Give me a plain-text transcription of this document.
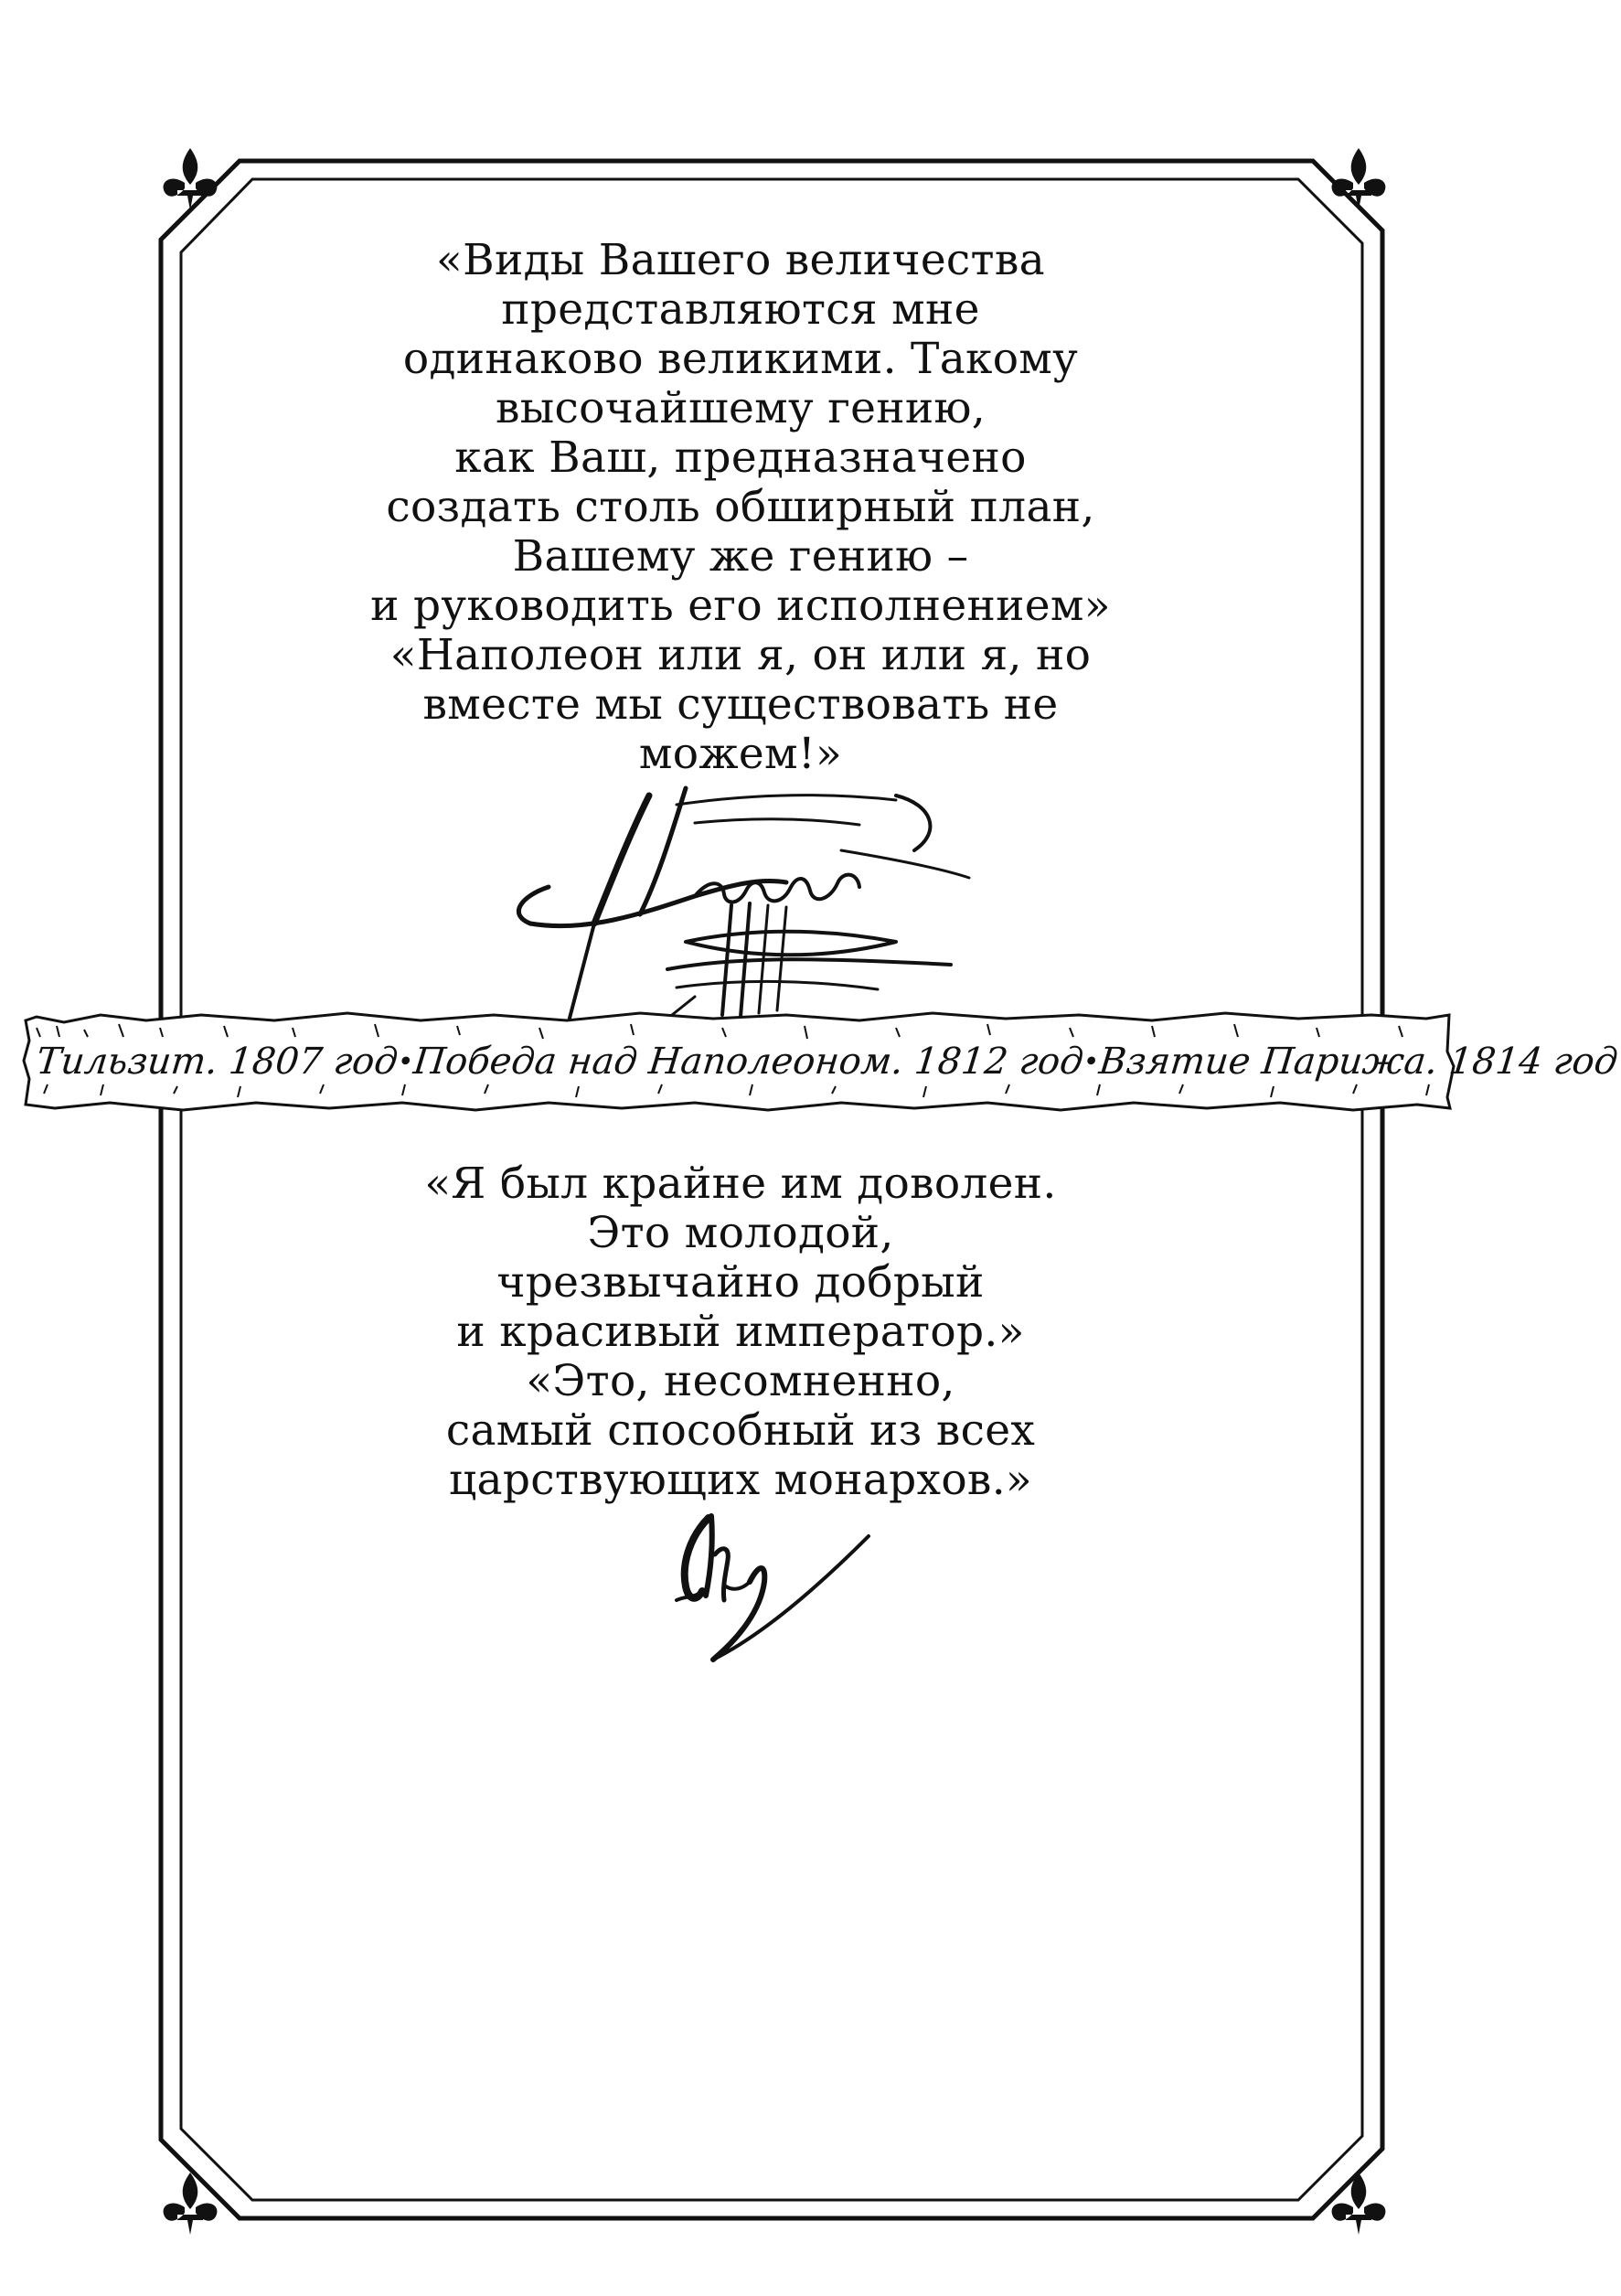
«Виды Вашего величества
представляются мне
одинаково великими. Такому
высочайшему гению,
как Ваш, предназначено
создать столь обширный план,
Вашему же гению –
и руководить его исполнением»
«Наполеон или я, он или я, но
вместе мы существовать не
можем!»
Тильзит. 1807 год
•
Победа над Наполеоном. 1812 год
•
Взятие Парижа. 1814 год
«Я был крайне им доволен.
Это молодой,
чрезвычайно добрый
и красивый император.»
«Это, несомненно,
самый способный из всех
царствующих монархов.»
